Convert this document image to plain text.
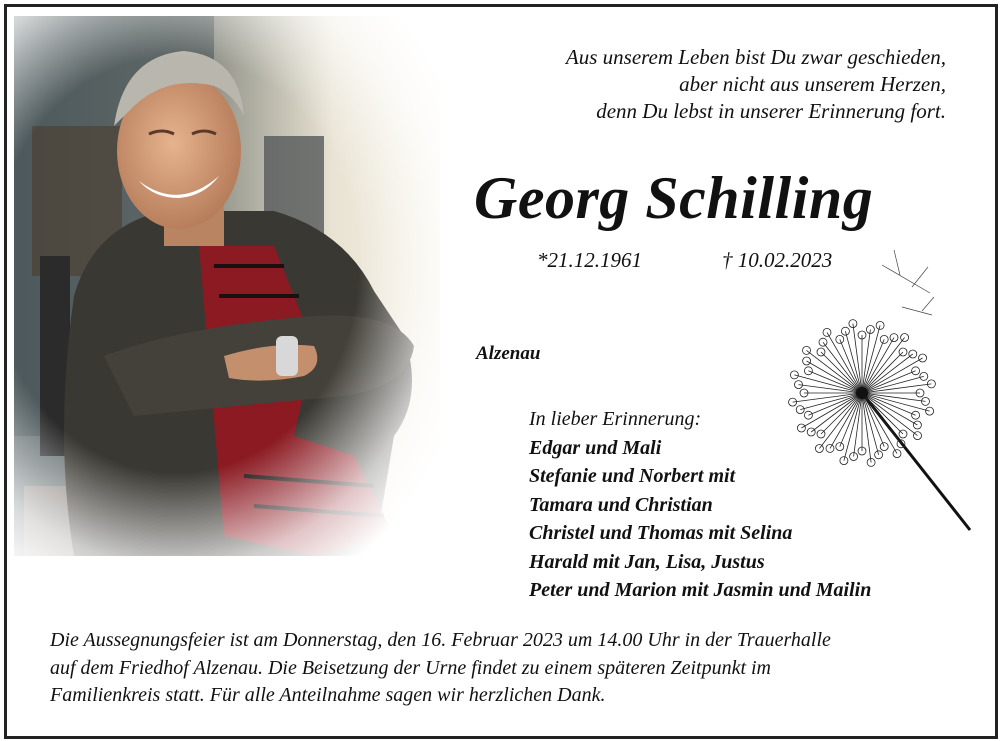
Aus unserem Leben bist Du zwar geschieden,
aber nicht aus unserem Herzen,
denn Du lebst in unserer Erinnerung fort.
Georg Schilling
*21.12.1961	† 10.02.2023
Alzenau
In lieber Erinnerung:
Edgar und Mali
Stefanie und Norbert mit
Tamara und Christian
Christel und Thomas mit Selina
Harald mit Jan, Lisa, Justus
Peter und Marion mit Jasmin und Mailin
Die Aussegnungsfeier ist am Donnerstag, den 16. Februar 2023 um 14.00 Uhr in der Trauerhalle
auf dem Friedhof Alzenau. Die Beisetzung der Urne findet zu einem späteren Zeitpunkt im
Familienkreis statt. Für alle Anteilnahme sagen wir herzlichen Dank.
